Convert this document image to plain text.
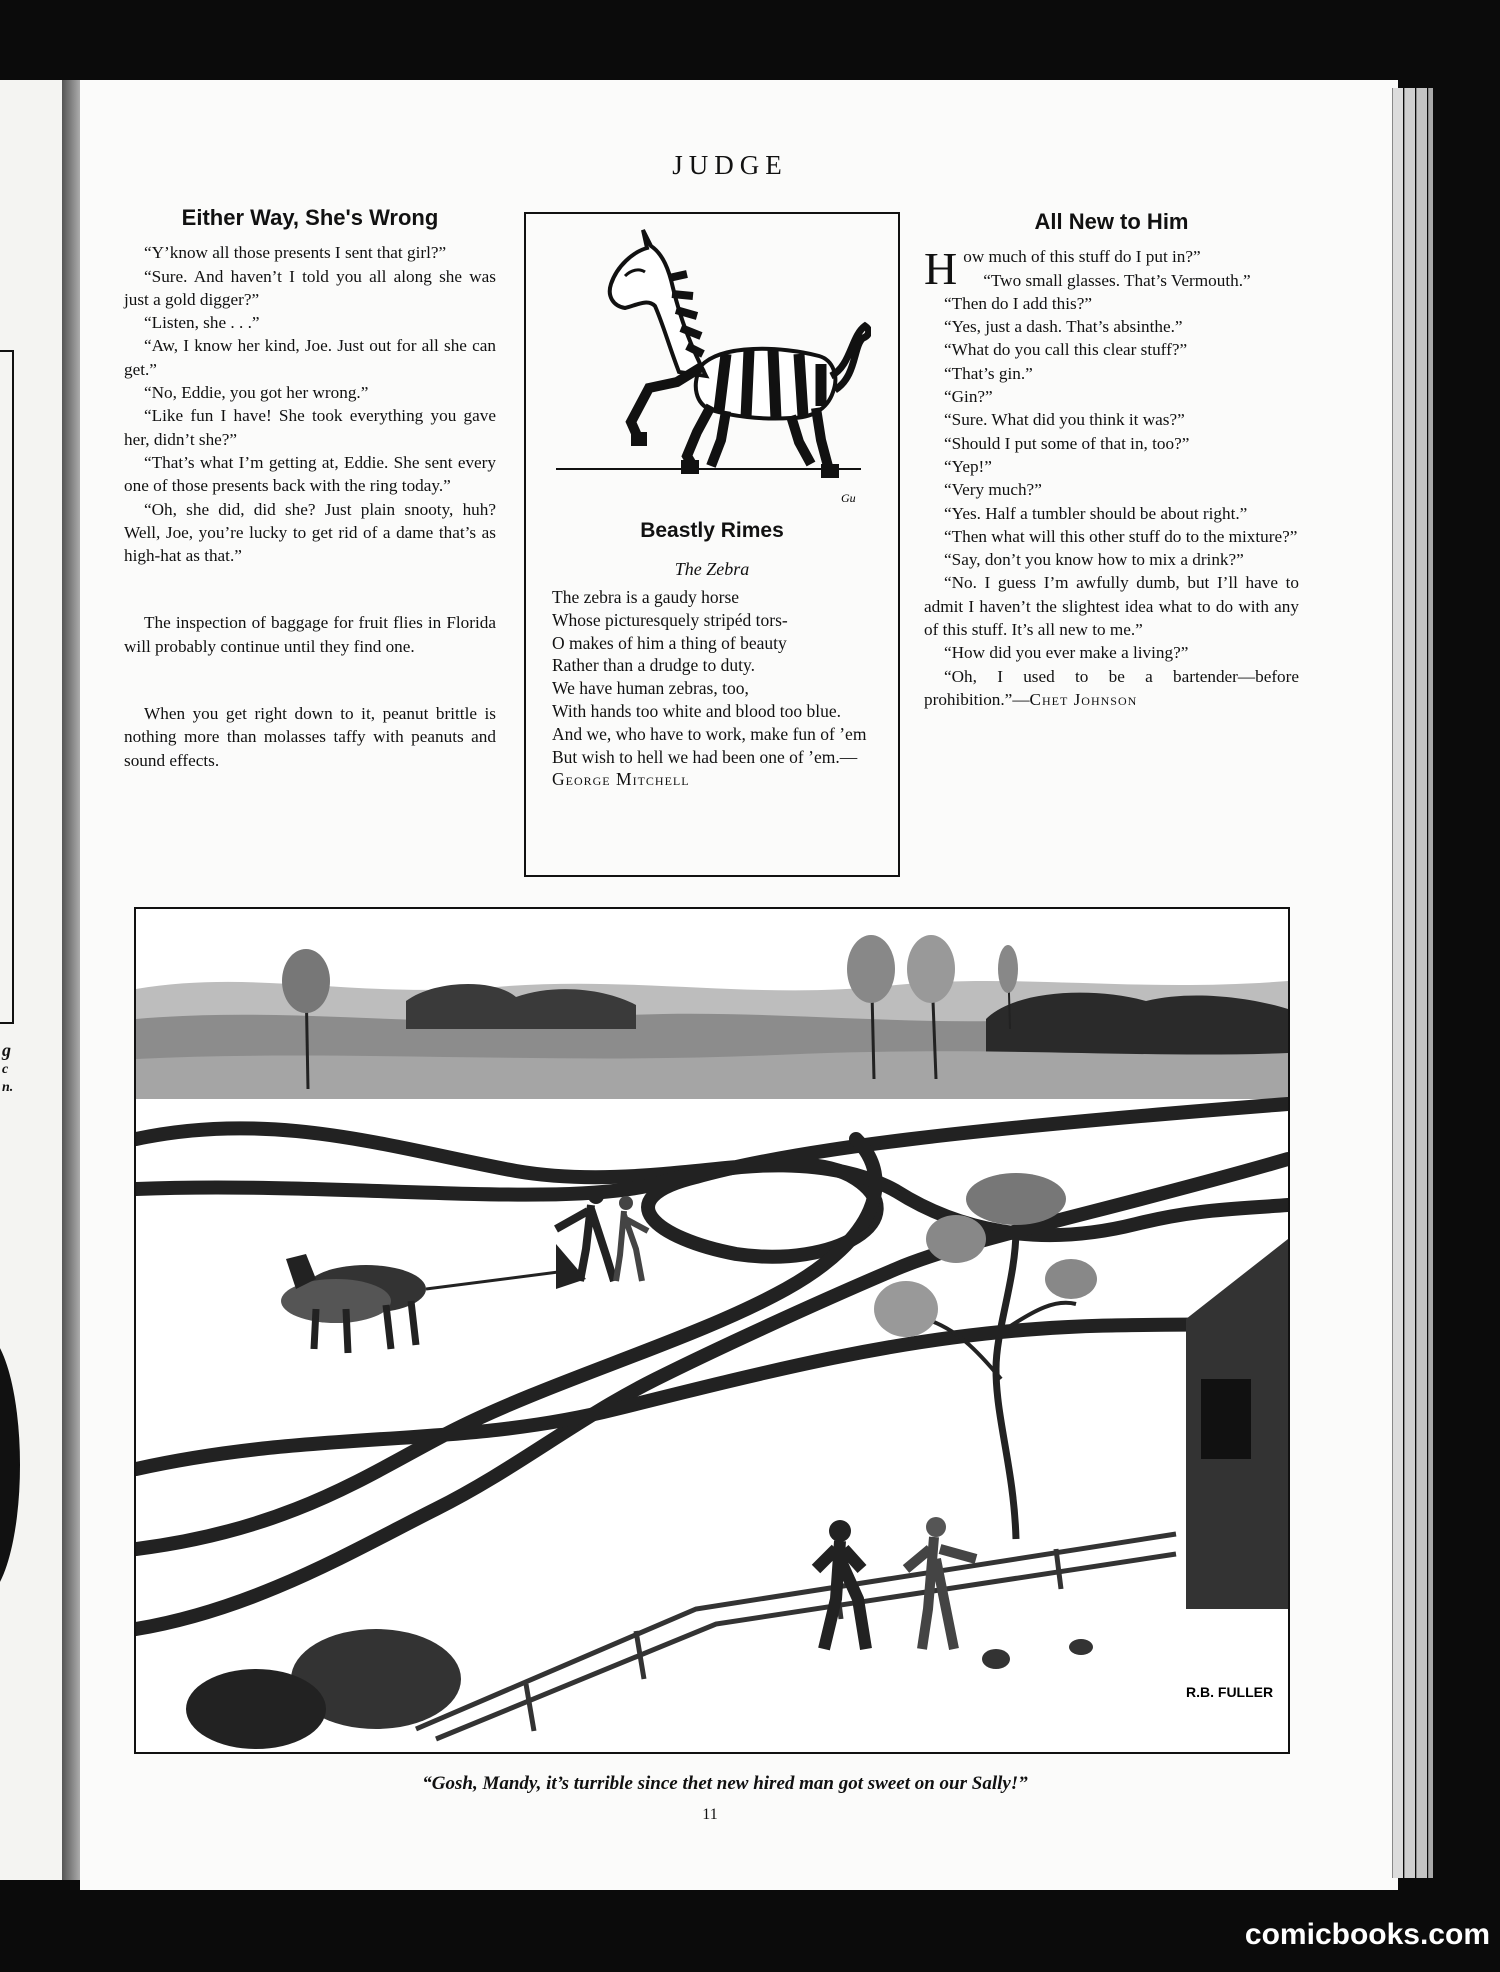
g
c
n.
JUDGE
Either Way, She's Wrong

“Y’know all those presents I sent that girl?”

“Sure. And haven’t I told you all along she was just a gold digger?”

“Listen, she . . .”

“Aw, I know her kind, Joe. Just out for all she can get.”

“No, Eddie, you got her wrong.”

“Like fun I have! She took everything you gave her, didn’t she?”

“That’s what I’m getting at, Eddie. She sent every one of those presents back with the ring today.”

“Oh, she did, did she? Just plain snooty, huh? Well, Joe, you’re lucky to get rid of a dame that’s as high-hat as that.”

The inspection of baggage for fruit flies in Florida will probably continue until they find one.

When you get right down to it, peanut brittle is nothing more than molasses taffy with peanuts and sound effects.

Gu
Beastly Rimes
The Zebra
The zebra is a gaudy horse
Whose picturesquely stripéd tors-
O makes of him a thing of beauty
Rather than a drudge to duty.
We have human zebras, too,
With hands too white and blood too blue.
And we, who have to work, make fun of ’em
But wish to hell we had been one of ’em.—George Mitchell
All New to Him

How much of this stuff do I put in?”

“Two small glasses. That’s Vermouth.”

“Then do I add this?”

“Yes, just a dash. That’s absinthe.”

“What do you call this clear stuff?”

“That’s gin.”

“Gin?”

“Sure. What did you think it was?”

“Should I put some of that in, too?”

“Yep!”

“Very much?”

“Yes. Half a tumbler should be about right.”

“Then what will this other stuff do to the mixture?”

“Say, don’t you know how to mix a drink?”

“No. I guess I’m awfully dumb, but I’ll have to admit I haven’t the slightest idea what to do with any of this stuff. It’s all new to me.”

“How did you ever make a living?”

“Oh, I used to be a bartender—before prohibition.”—Chet Johnson

R.B. FULLER
“Gosh, Mandy, it’s turrible since thet new hired man got sweet on our Sally!”
11
comicbooks.com
